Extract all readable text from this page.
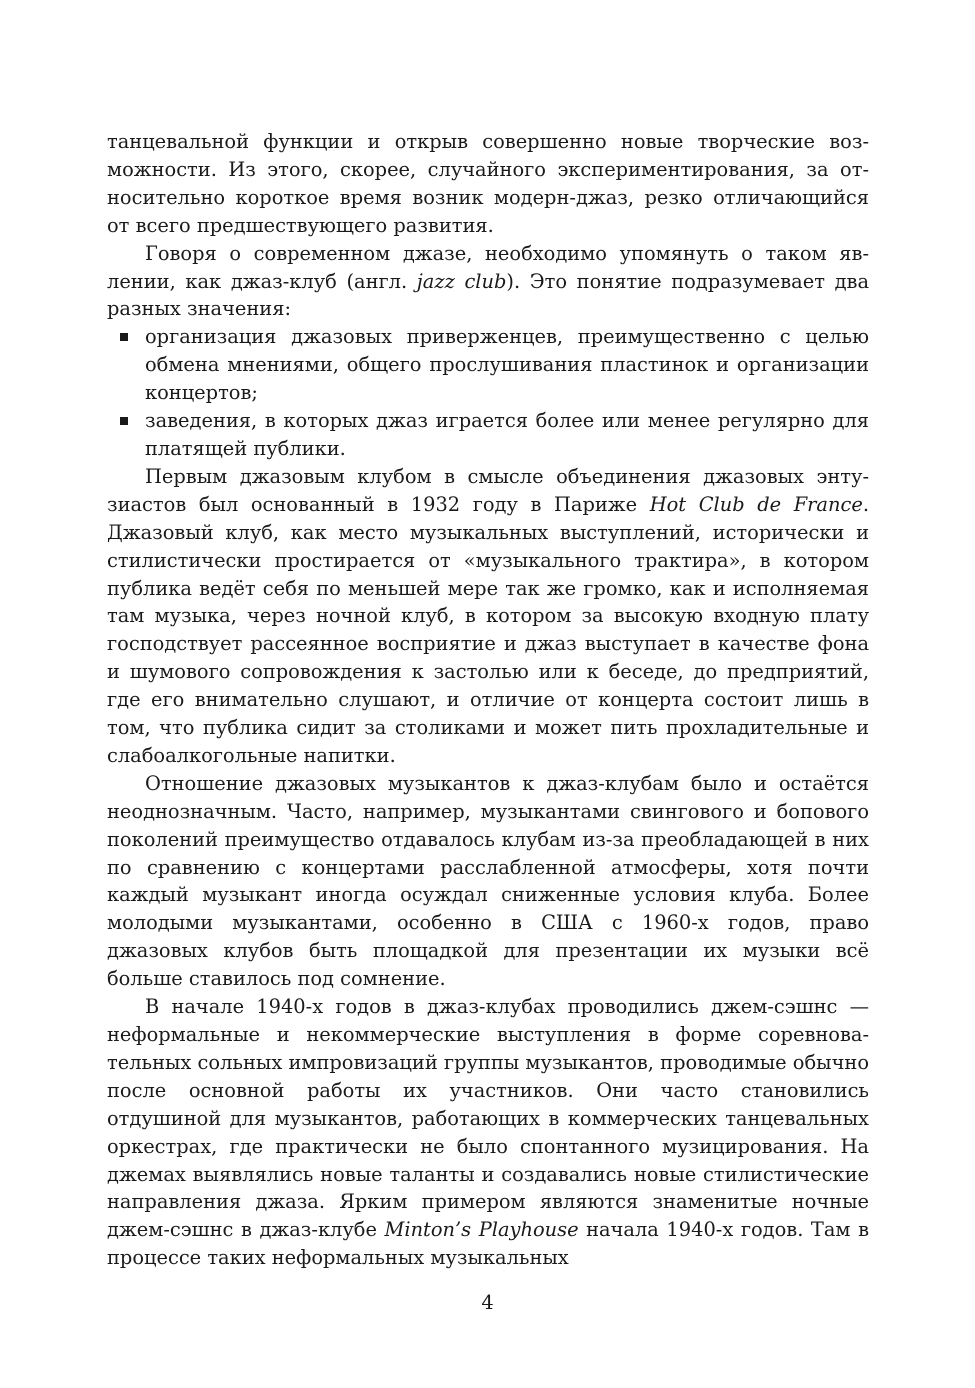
танцевальной функции и открыв совершенно новые творческие возможности. Из этого, скорее, случайного экспериментирования, за относительно короткое время возник модерн-джаз, резко отличающийся от всего предшествующего развития.

Говоря о современном джазе, необходимо упомянуть о таком явлении, как джаз-клуб (англ. jazz club). Это понятие подразумевает два разных значения:

организация джазовых приверженцев, преимущественно с целью обмена мнениями, общего прослушивания пластинок и организации концертов;
заведения, в которых джаз играется более или менее регулярно для платящей публики.

Первым джазовым клубом в смысле объединения джазовых энтузиастов был основанный в 1932 году в Париже Hot Club de France. Джазовый клуб, как место музыкальных выступлений, исторически и стилистически простирается от «музыкального трактира», в котором публика ведёт себя по меньшей мере так же громко, как и исполняемая там музыка, через ночной клуб, в котором за высокую входную плату господствует рассеянное восприятие и джаз выступает в качестве фона и шумового сопровождения к застолью или к беседе, до предприятий, где его внимательно слушают, и отличие от концерта состоит лишь в том, что публика сидит за столиками и может пить прохладительные и слабоалкогольные напитки.

Отношение джазовых музыкантов к джаз-клубам было и остаётся неоднозначным. Часто, например, музыкантами свингового и бопового поколений преимущество отдавалось клубам из-за преобладающей в них по сравнению с концертами расслабленной атмосферы, хотя почти каждый музыкант иногда осуждал сниженные условия клуба. Более молодыми музыкантами, особенно в США с 1960-х годов, право джазовых клубов быть площадкой для презентации их музыки всё больше ставилось под сомнение.

В начале 1940-х годов в джаз-клубах проводились джем-сэшнс — неформальные и некоммерческие выступления в форме соревновательных сольных импровизаций группы музыкантов, проводимые обычно после основной работы их участников. Они часто становились отдушиной для музыкантов, работающих в коммерческих танцевальных оркестрах, где практически не было спонтанного музицирования. На джемах выявлялись новые таланты и создавались новые стилистические направления джаза. Ярким примером являются знаменитые ночные джем-сэшнс в джаз-клубе Minton’s Playhouse начала 1940-х годов. Там в процессе таких неформальных музыкальных

4
